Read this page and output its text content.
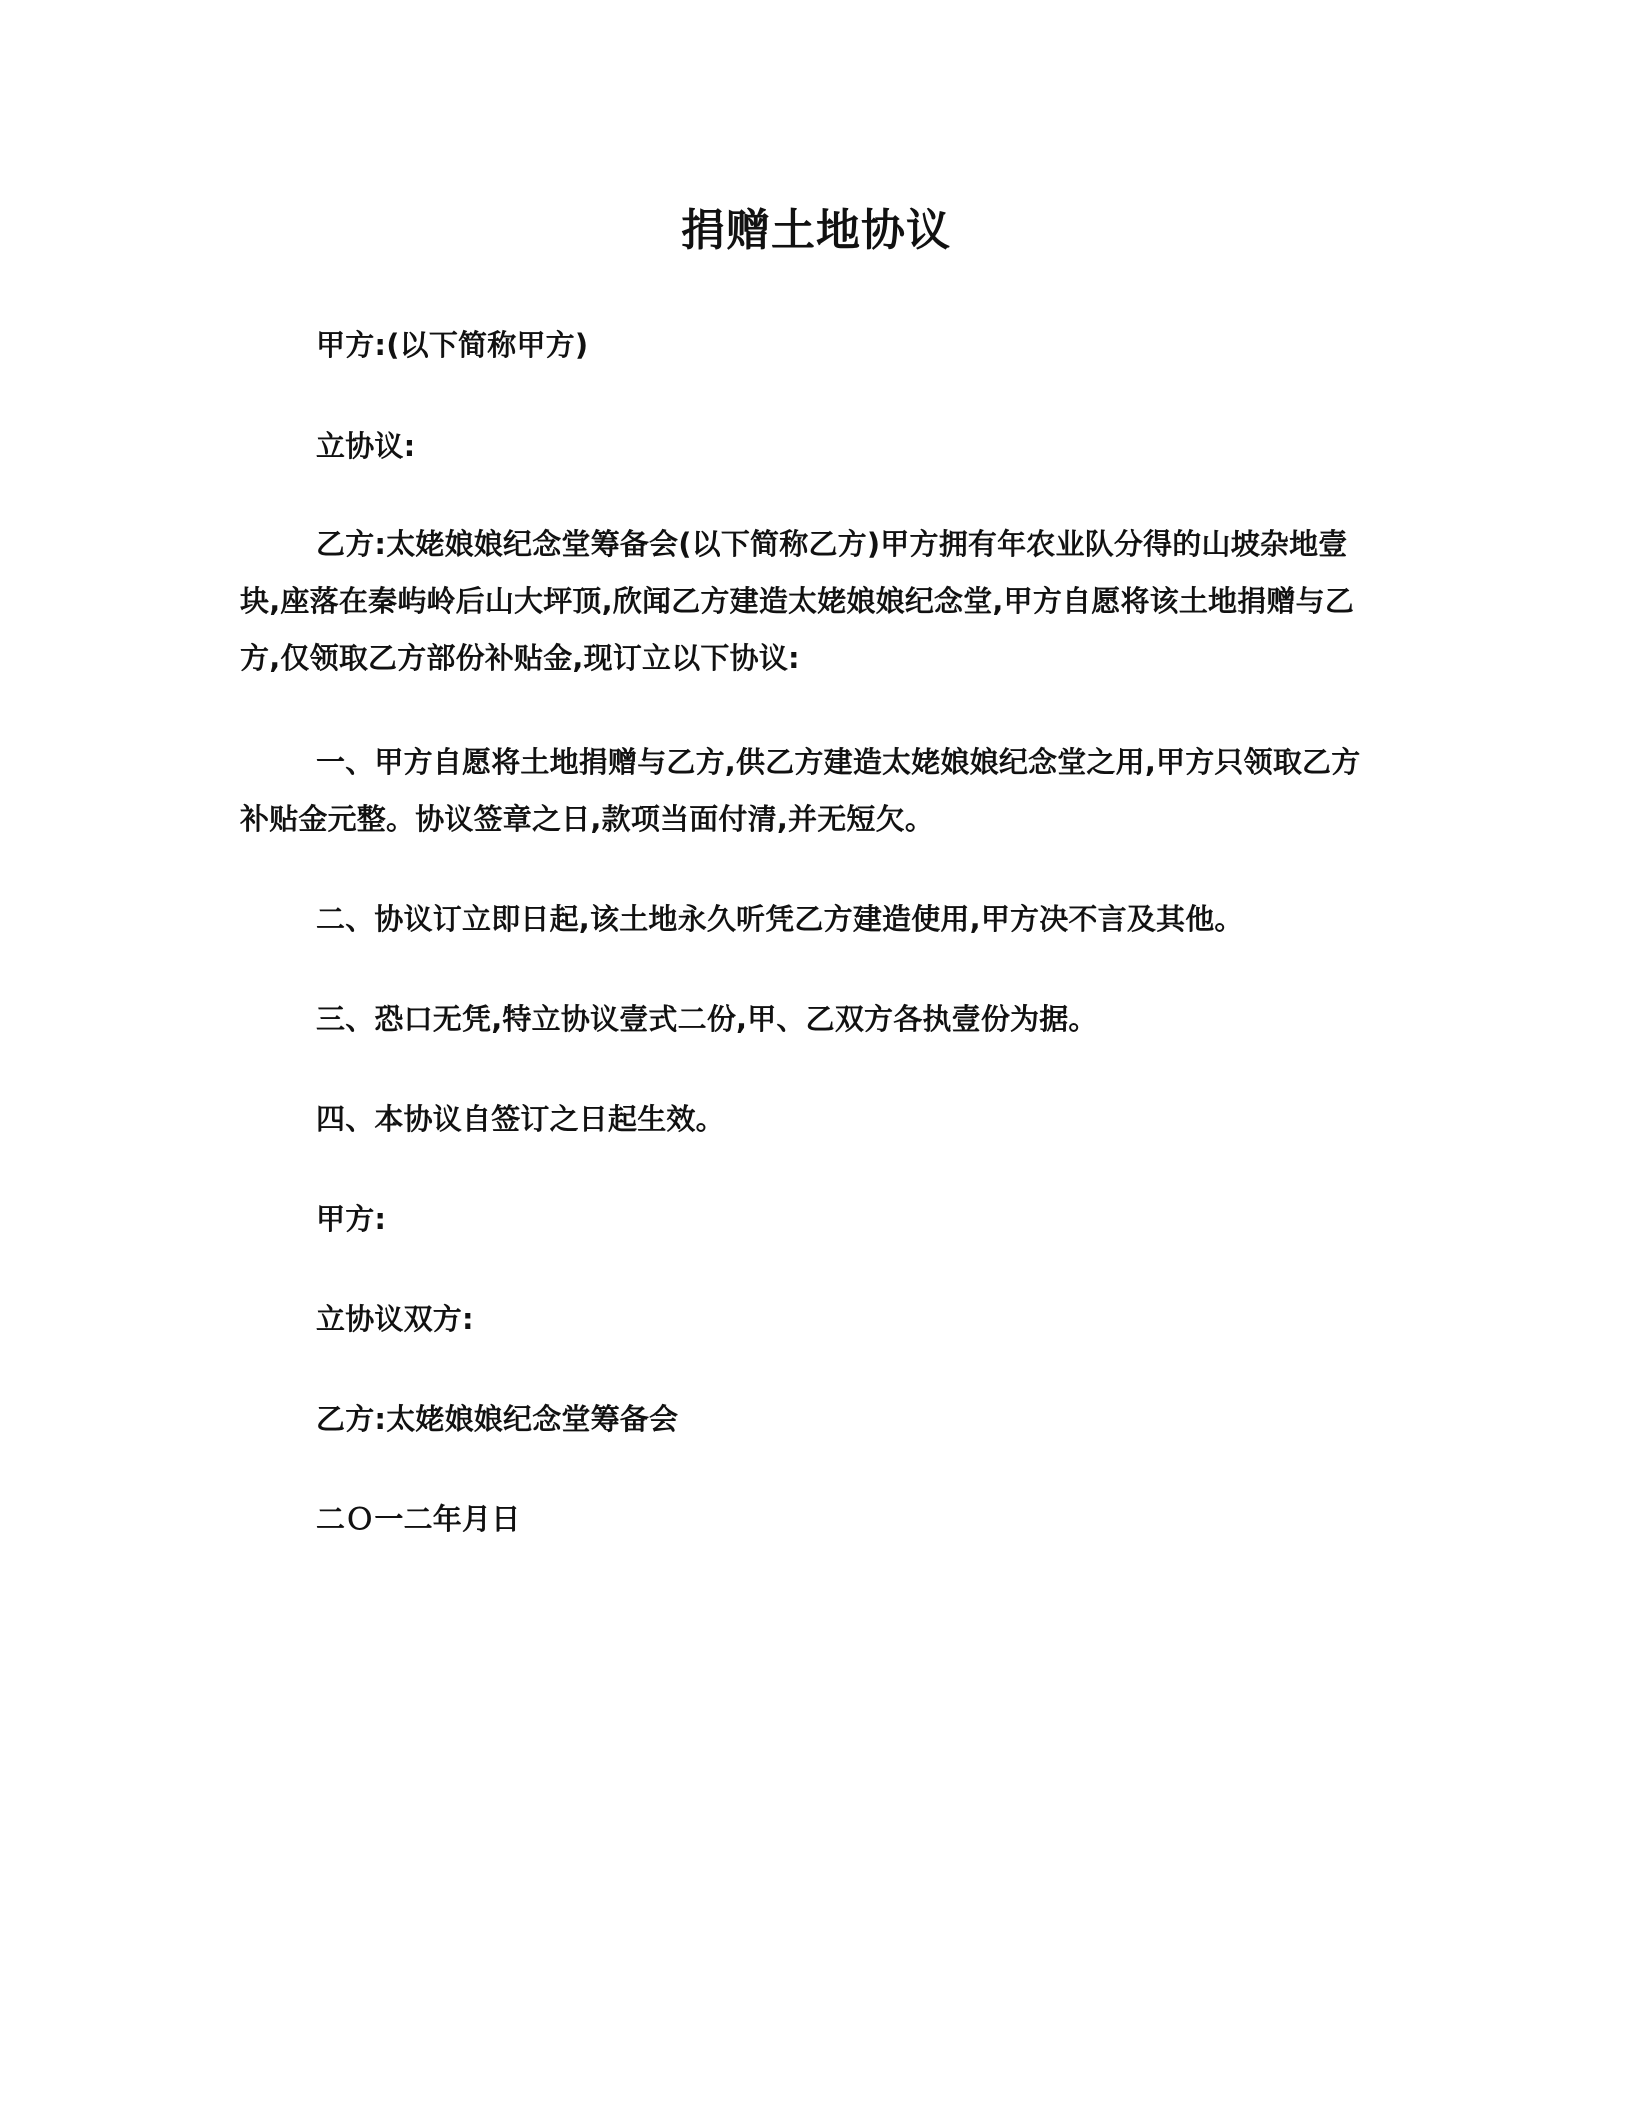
捐赠土地协议

甲方:(以下简称甲方)

立协议:

乙方:太姥娘娘纪念堂筹备会(以下简称乙方)甲方拥有年农业队分得的山坡杂地壹块,座落在秦屿岭后山大坪顶,欣闻乙方建造太姥娘娘纪念堂,甲方自愿将该土地捐赠与乙方,仅领取乙方部份补贴金,现订立以下协议:

一、甲方自愿将土地捐赠与乙方,供乙方建造太姥娘娘纪念堂之用,甲方只领取乙方补贴金元整。协议签章之日,款项当面付清,并无短欠。

二、协议订立即日起,该土地永久听凭乙方建造使用,甲方决不言及其他。

三、恐口无凭,特立协议壹式二份,甲、乙双方各执壹份为据。

四、本协议自签订之日起生效。

甲方:

立协议双方:

乙方:太姥娘娘纪念堂筹备会

二Ｏ一二年月日
